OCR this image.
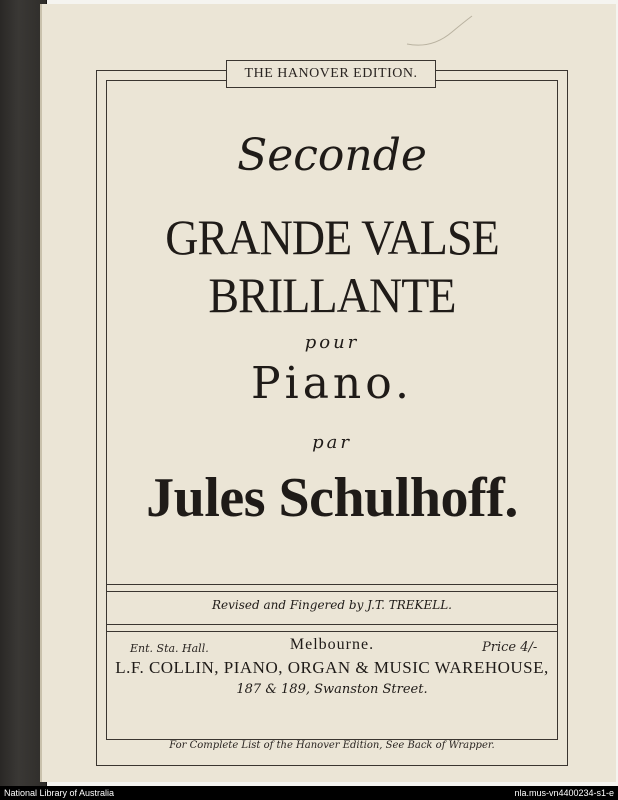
THE HANOVER EDITION.
Seconde
GRANDE VALSE BRILLANTE
pour
Piano.
par
Jules Schulhoff.
Revised and Fingered by J.T. TREKELL.
Ent. Sta. Hall.	Melbourne.	Price 4/-
L.F. COLLIN, PIANO, ORGAN & MUSIC WAREHOUSE,
187 & 189, Swanston Street.
For Complete List of the Hanover Edition, See Back of Wrapper.
National Library of Australia	nla.mus-vn4400234-s1-e
